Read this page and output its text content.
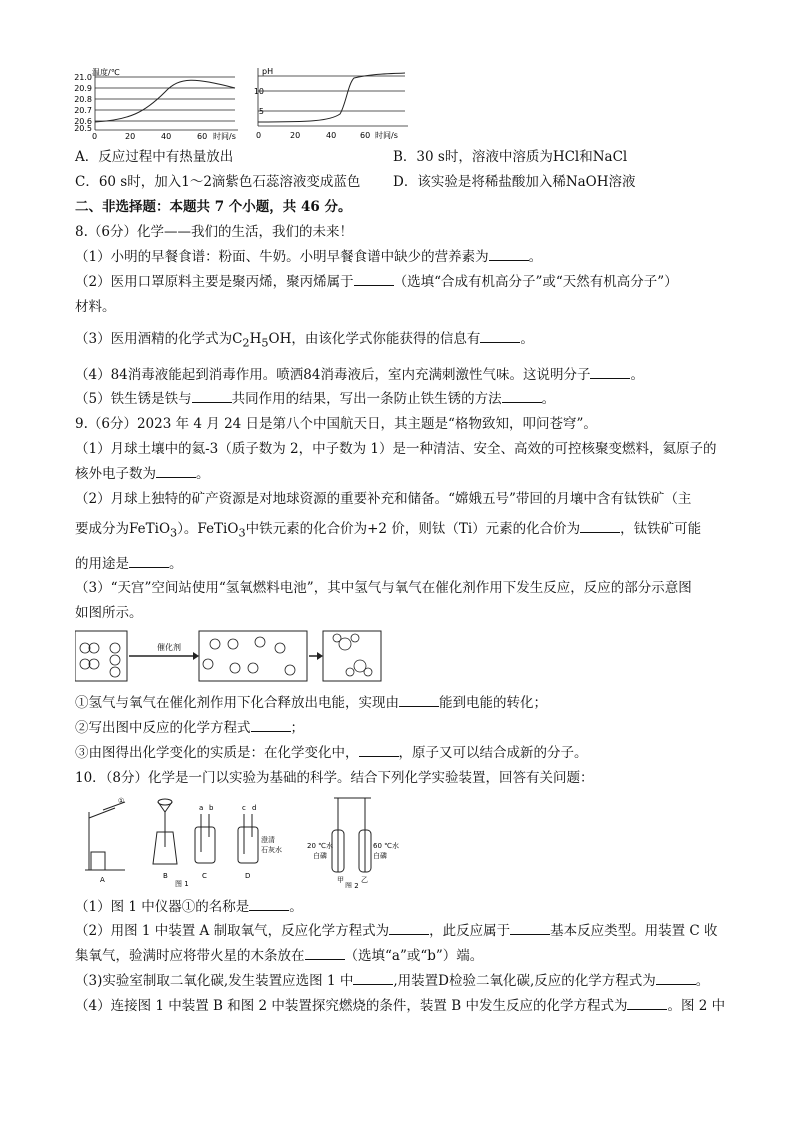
温度/℃
21.0
20.9
20.8
20.7
20.6
20.5
0	20	40	60 时间/s
pH
10
5
0	20	40	60 时间/s
A．反应过程中有热量放出	B．30 s时，溶液中溶质为HCl和NaCl
C．60 s时，加入1～2滴紫色石蕊溶液变成蓝色 D．该实验是将稀盐酸加入稀NaOH溶液
二、非选择题：本题共 7 个小题，共 46 分。
8.（6分）化学——我们的生活，我们的未来！
（1）小明的早餐食谱：粉面、牛奶。小明早餐食谱中缺少的营养素为	。
（2）医用口罩原料主要是聚丙烯，聚丙烯属于	（选填“合成有机高分子”或“天然有机高分子”）
材料。
（3）医用酒精的化学式为$C_2H_5OH$，由该化学式你能获得的信息有	。
（4）84消毒液能起到消毒作用。喷洒84消毒液后，室内充满刺激性气味。这说明分子	。
（5）铁生锈是铁与	共同作用的结果，写出一条防止铁生锈的方法	。
9.（6分）2023 年 4 月 24 日是第八个中国航天日，其主题是“格物致知，叩问苍穹”。
（1）月球土壤中的氦-3（质子数为 2，中子数为 1）是一种清洁、安全、高效的可控核聚变燃料，氦原子的
核外电子数为	。
（2）月球上独特的矿产资源是对地球资源的重要补充和储备。“嫦娥五号”带回的月壤中含有钛铁矿（主
要成分为FeTiO$_3$）。FeTiO$_3$中铁元素的化合价为+2 价，则钛（Ti）元素的化合价为	，钛铁矿可能
的用途是	。
（3）“天宫”空间站使用“氢氧燃料电池”，其中氢气与氧气在催化剂作用下发生反应，反应的部分示意图
如图所示。
催化剂
①氢气与氧气在催化剂作用下化合释放出电能，实现由	能到电能的转化；
②写出图中反应的化学方程式	；
③由图得出化学变化的实质是：在化学变化中，	，原子又可以结合成新的分子。
10．（8分）化学是一门以实验为基础的科学。结合下列化学实验装置，回答有关问题：
①
A	B	C	D
a b	c d
澄清
石灰水	20 ℃水
白磷
60 ℃水
白磷
甲 乙
图 1	图 2
（1）图 1 中仪器①的名称是	。
（2）用图 1 中装置 A 制取氧气，反应化学方程式为	，此反应属于	基本反应类型。用装置 C 收
集氧气，验满时应将带火星的木条放在	（选填“a”或“b”）端。
（3)实验室制取二氧化碳,发生装置应选图 1 中	,用装置D检验二氧化碳,反应的化学方程式为	。
（4）连接图 1 中装置 B 和图 2 中装置探究燃烧的条件，装置 B 中发生反应的化学方程式为	。图 2 中
